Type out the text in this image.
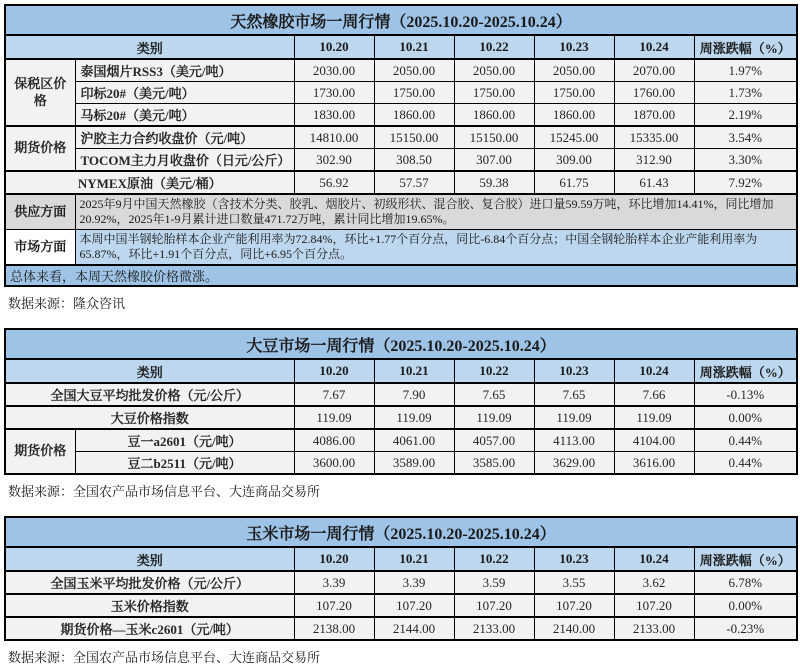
天然橡胶市场一周行情（2025.10.20-2025.10.24）							
类别		10.20	10.21	10.22	10.23	10.24	周涨跌幅（%）
保税区价格	泰国烟片RSS3（美元/吨）	2030.00	2050.00	2050.00	2050.00	2070.00	1.97%
	印标20#（美元/吨）	1730.00	1750.00	1750.00	1750.00	1760.00	1.73%
	马标20#（美元/吨）	1830.00	1860.00	1860.00	1860.00	1870.00	2.19%
期货价格	沪胶主力合约收盘价（元/吨）	14810.00	15150.00	15150.00	15245.00	15335.00	3.54%
	TOCOM主力月收盘价（日元/公斤）	302.90	308.50	307.00	309.00	312.90	3.30%
NYMEX原油（美元/桶）		56.92	57.57	59.38	61.75	61.43	7.92%
供应方面	2025年9月中国天然橡胶（含技术分类、胶乳、烟胶片、初级形状、混合胶、复合胶）进口量59.59万吨，环比增加14.41%，同比增加20.92%，2025年1-9月累计进口数量471.72万吨，累计同比增加19.65%。						
市场方面	本周中国半钢轮胎样本企业产能利用率为72.84%，环比+1.77个百分点，同比-6.84个百分点；中国全钢轮胎样本企业产能利用率为65.87%，环比+1.91个百分点，同比+6.95个百分点。						
总体来看，本周天然橡胶价格微涨。							
数据来源：隆众咨讯
大豆市场一周行情（2025.10.20-2025.10.24）							
类别		10.20	10.21	10.22	10.23	10.24	周涨跌幅（%）
全国大豆平均批发价格（元/公斤）		7.67	7.90	7.65	7.65	7.66	-0.13%
大豆价格指数		119.09	119.09	119.09	119.09	119.09	0.00%
期货价格	豆一a2601（元/吨）	4086.00	4061.00	4057.00	4113.00	4104.00	0.44%
	豆二b2511（元/吨）	3600.00	3589.00	3585.00	3629.00	3616.00	0.44%
数据来源：全国农产品市场信息平台、大连商品交易所
玉米市场一周行情（2025.10.20-2025.10.24）						
类别	10.20	10.21	10.22	10.23	10.24	周涨跌幅（%）
全国玉米平均批发价格（元/公斤）	3.39	3.39	3.59	3.55	3.62	6.78%
玉米价格指数	107.20	107.20	107.20	107.20	107.20	0.00%
期货价格—玉米c2601（元/吨）	2138.00	2144.00	2133.00	2140.00	2133.00	-0.23%
数据来源：全国农产品市场信息平台、大连商品交易所
